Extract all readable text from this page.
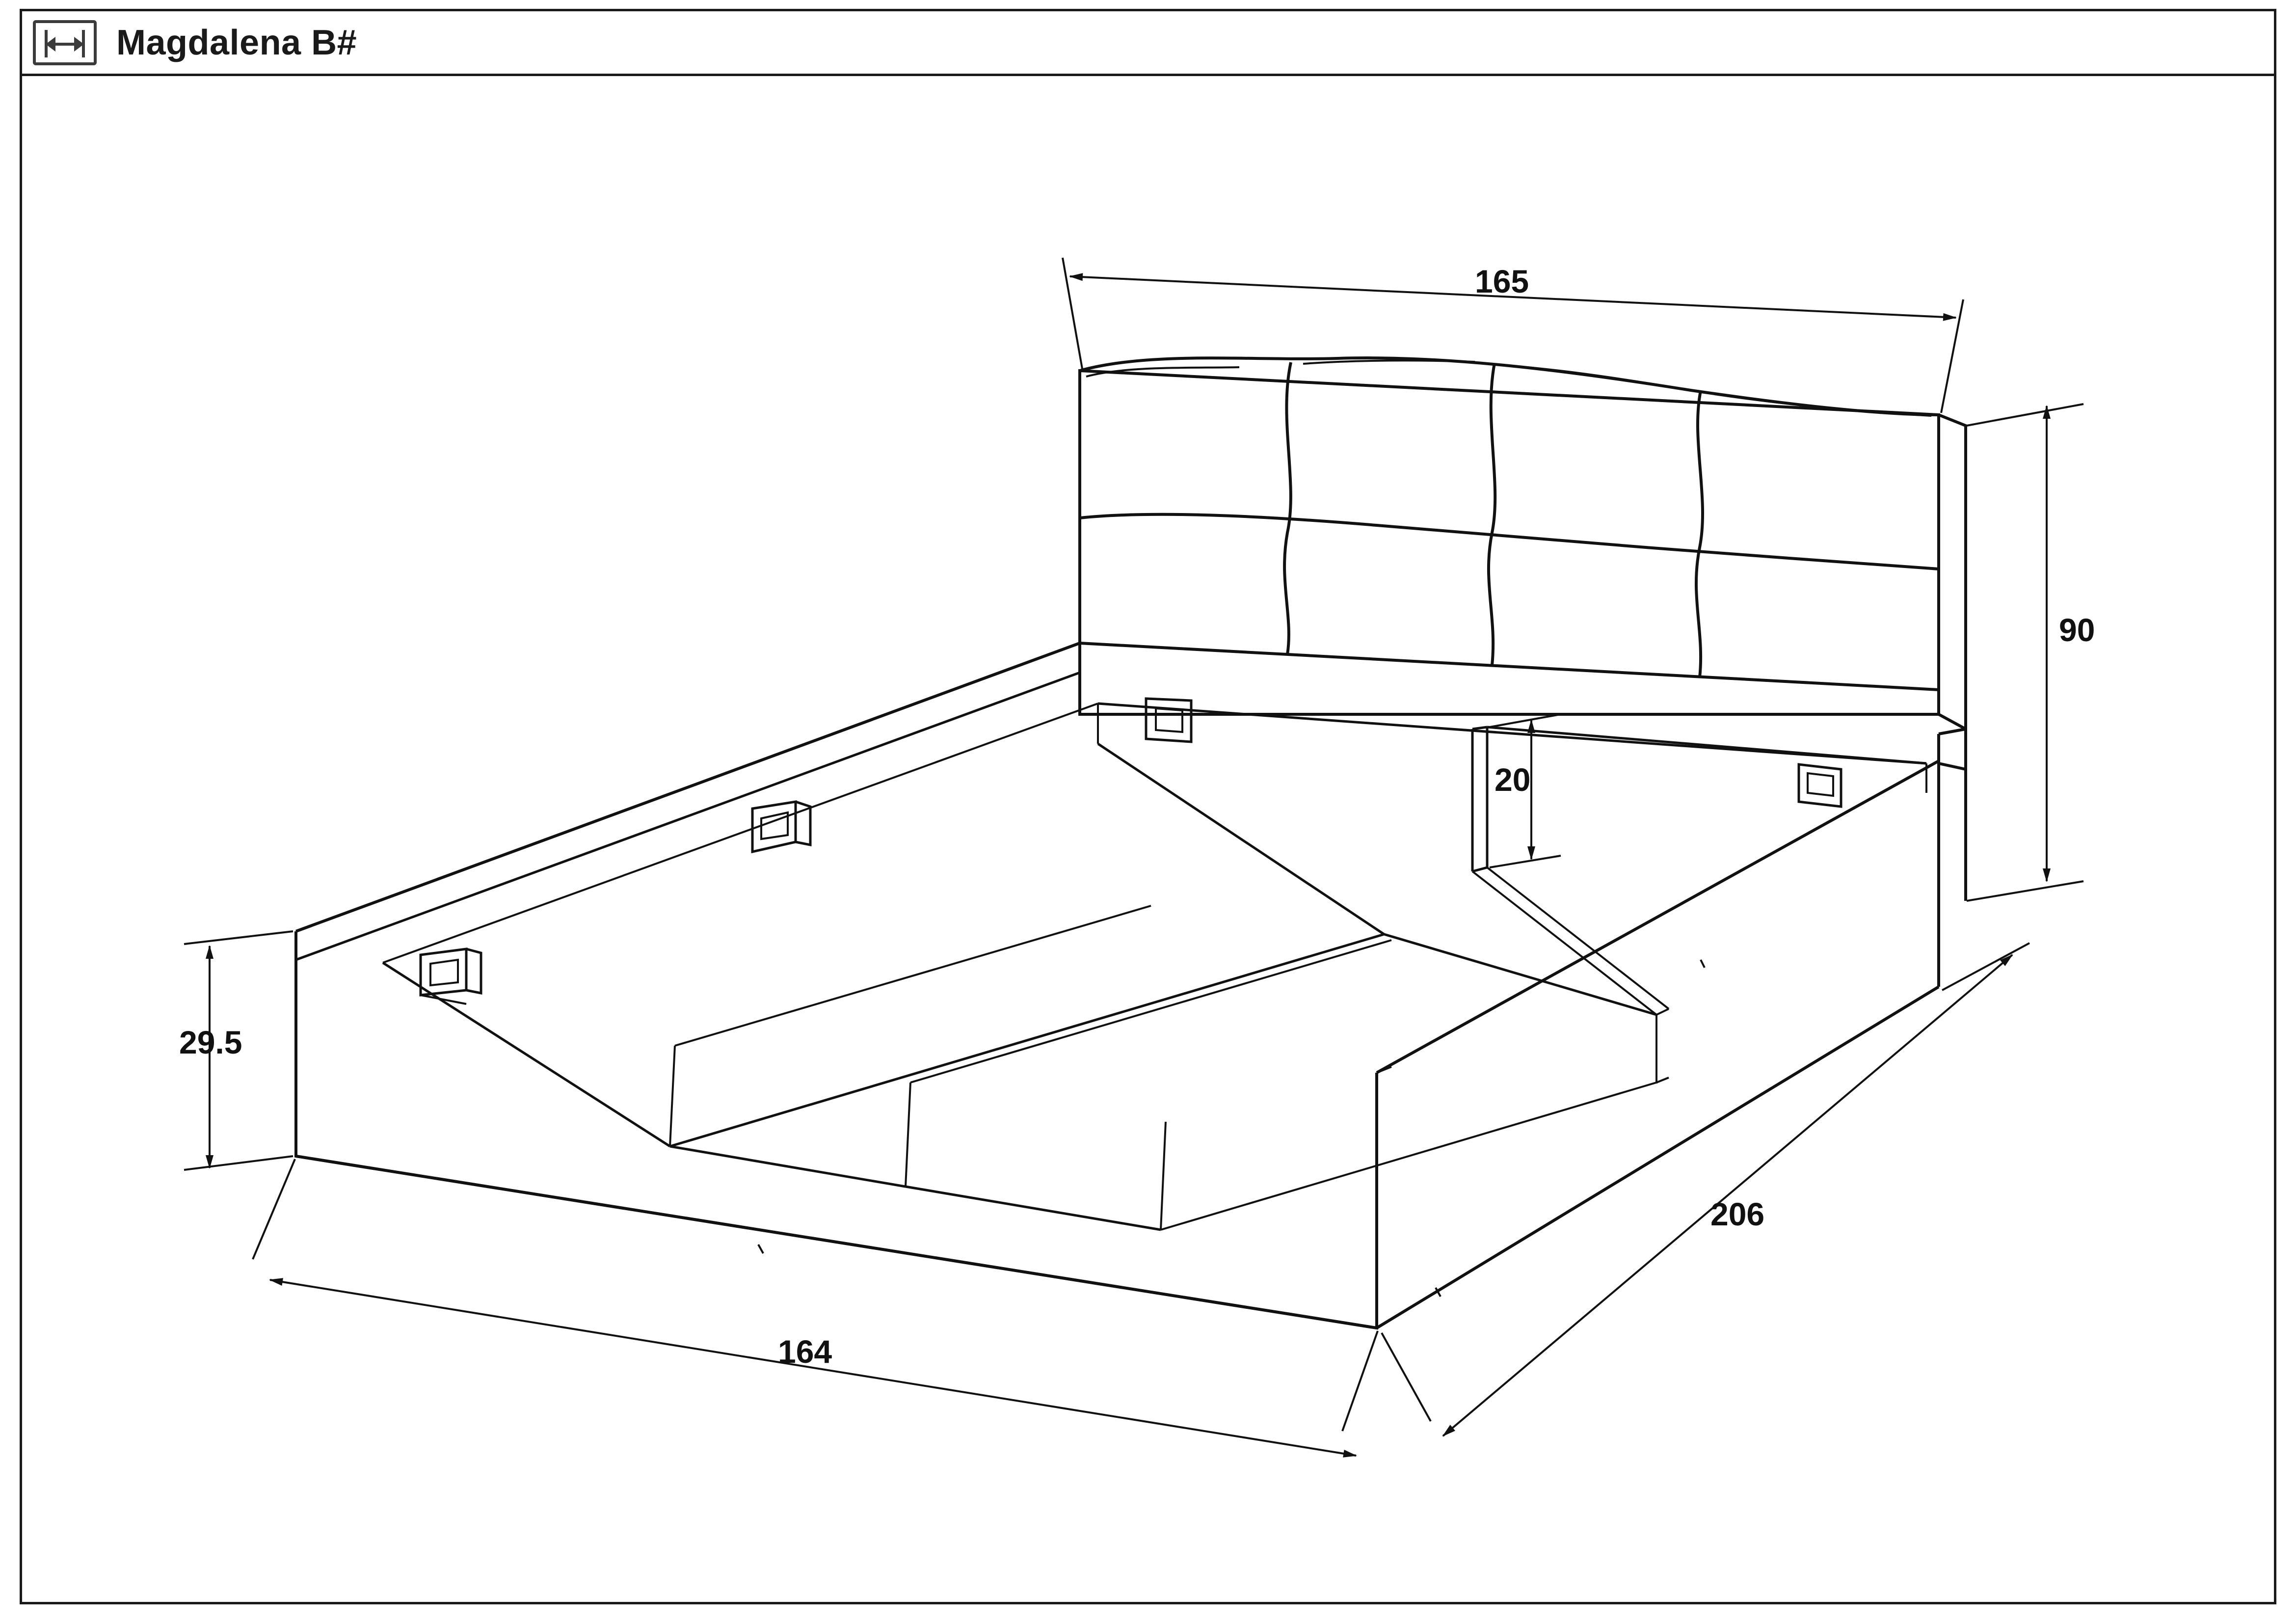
Magdalena B#
165
90
20
29.5
164
206
